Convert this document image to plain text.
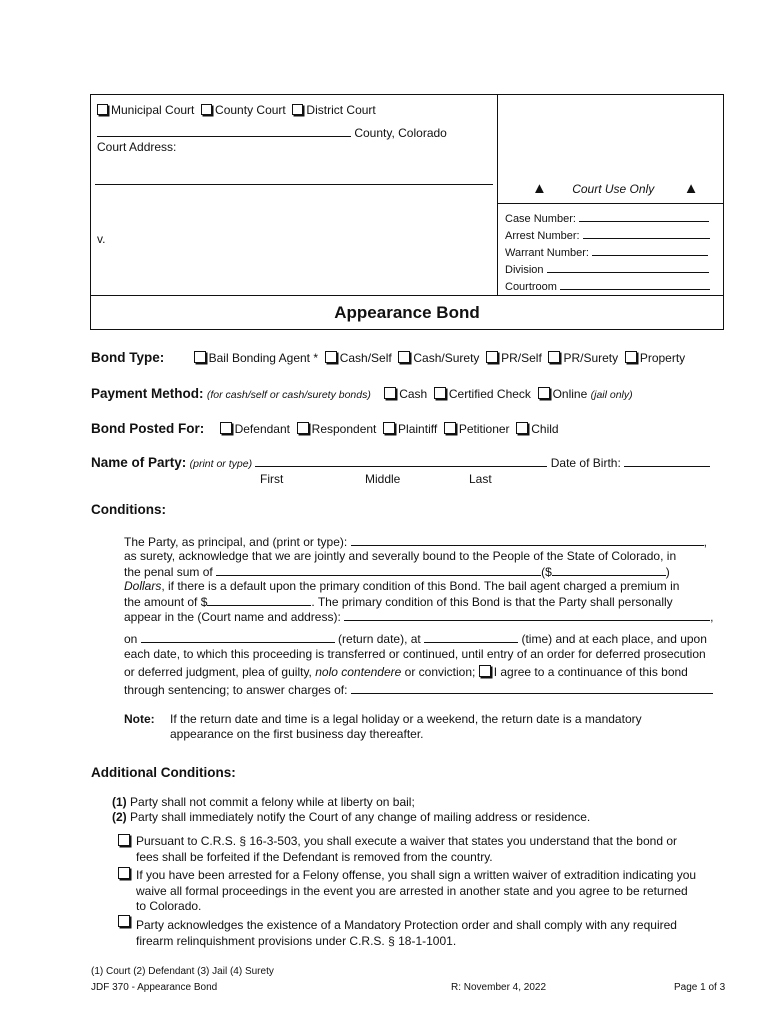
Municipal Court County Court District Court
County, Colorado
Court Address:
v.
▲ Court Use Only ▲
Case Number:
Arrest Number:
Warrant Number:
Division
Courtroom
Appearance Bond
Bond Type:	Bail Bonding Agent * Cash/Self Cash/Surety PR/Self PR/Surety Property
Payment Method: (for cash/self or cash/surety bonds) Cash Certified Check Online (jail only)
Bond Posted For:	Defendant Respondent Plaintiff Petitioner Child
Name of Party: (print or type)	Date of Birth:
First	Middle	Last
Conditions:
The Party, as principal, and (print or type):	,
as surety, acknowledge that we are jointly and severally bound to the People of the State of Colorado, in
the penal sum of	($	)
Dollars, if there is a default upon the primary condition of this Bond. The bail agent charged a premium in
the amount of $	. The primary condition of this Bond is that the Party shall personally
appear in the (Court name and address):	,
on	(return date), at	(time) and at each place, and upon
each date, to which this proceeding is transferred or continued, until entry of an order for deferred prosecution
or deferred judgment, plea of guilty, nolo contendere or conviction; I agree to a continuance of this bond
through sentencing; to answer charges of:
Note: If the return date and time is a legal holiday or a weekend, the return date is a mandatory
appearance on the first business day thereafter.
Additional Conditions:
(1) Party shall not commit a felony while at liberty on bail;
(2) Party shall immediately notify the Court of any change of mailing address or residence.
Pursuant to C.R.S. § 16-3-503, you shall execute a waiver that states you understand that the bond or
fees shall be forfeited if the Defendant is removed from the country.
If you have been arrested for a Felony offense, you shall sign a written waiver of extradition indicating you
waive all formal proceedings in the event you are arrested in another state and you agree to be returned
to Colorado.
Party acknowledges the existence of a Mandatory Protection order and shall comply with any required
firearm relinquishment provisions under C.R.S. § 18-1-1001.
(1) Court (2) Defendant (3) Jail (4) Surety
JDF 370 - Appearance Bond	R: November 4, 2022	Page 1 of 3
